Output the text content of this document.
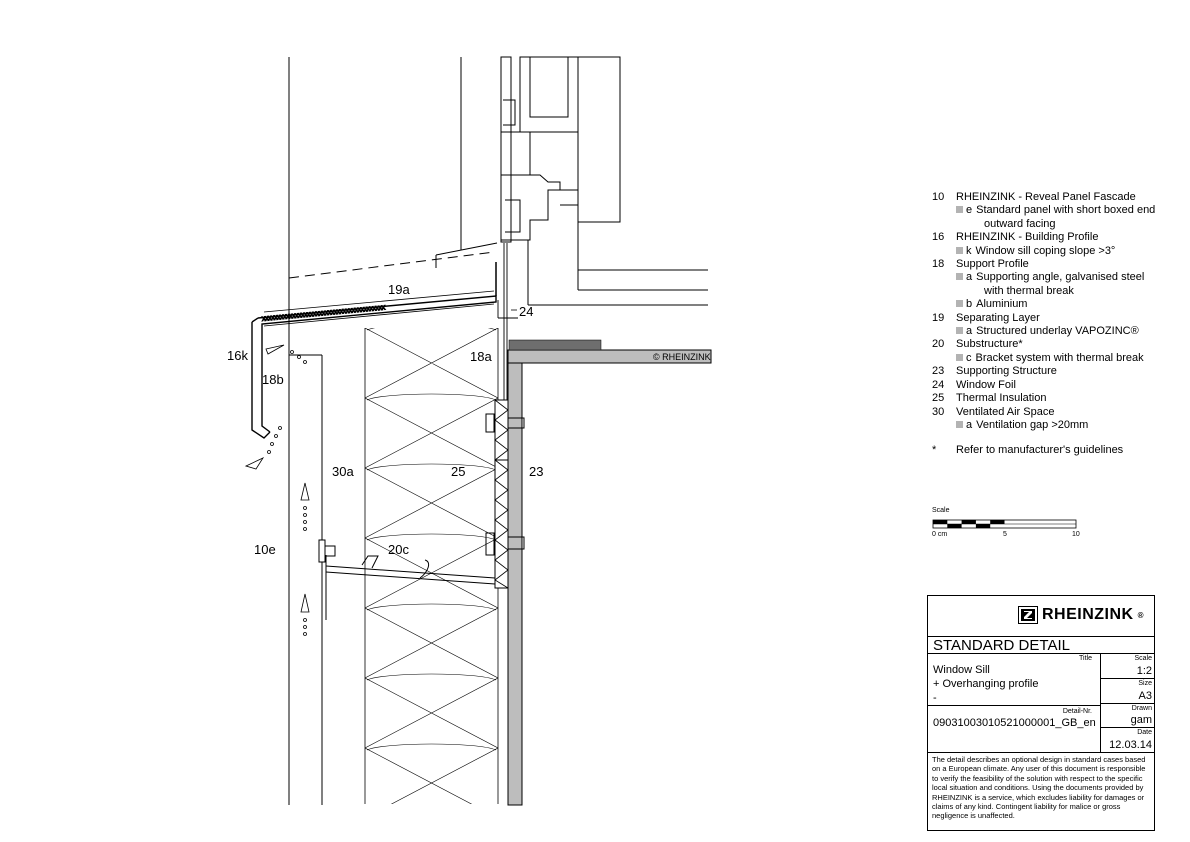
xxxxxxxxxxxxxxxxxxxxxxxxxxxxxxxxxxxxxxxxx
19a
24
16k
18b
18a
30a	25	23
10e	20c
© RHEINZINK
10 RHEINZINK - Reveal Panel Fascade
e Standard panel with short boxed end
outward facing
16 RHEINZINK - Building Profile
k Window sill coping slope >3°
18 Support Profile
a Supporting angle, galvanised steel
with thermal break
b Aluminium
19 Separating Layer
a Structured underlay VAPOZINC®
20 Substructure*
c Bracket system with thermal break
23 Supporting Structure
24 Window Foil
25 Thermal Insulation
30 Ventilated Air Space
a Ventilation gap >20mm
* Refer to manufacturer's guidelines
Scale
0 cm	5	10
RHEINZINK ®
STANDARD DETAIL
Title
Window Sill
+ Overhanging profile
-
Detail-Nr.
09031003010521000001_GB_en
Scale
1:2
Size
A3
Drawn
gam
Date
12.03.14
The detail describes an optional design in standard cases based on a European climate. Any user of this document is responsible to verify the feasibility of the solution with respect to the specific local situation and conditions. Using the documents provided by RHEINZINK is a service, which excludes liability for damages or claims of any kind. Contingent liability for malice or gross negligence is unaffected.
